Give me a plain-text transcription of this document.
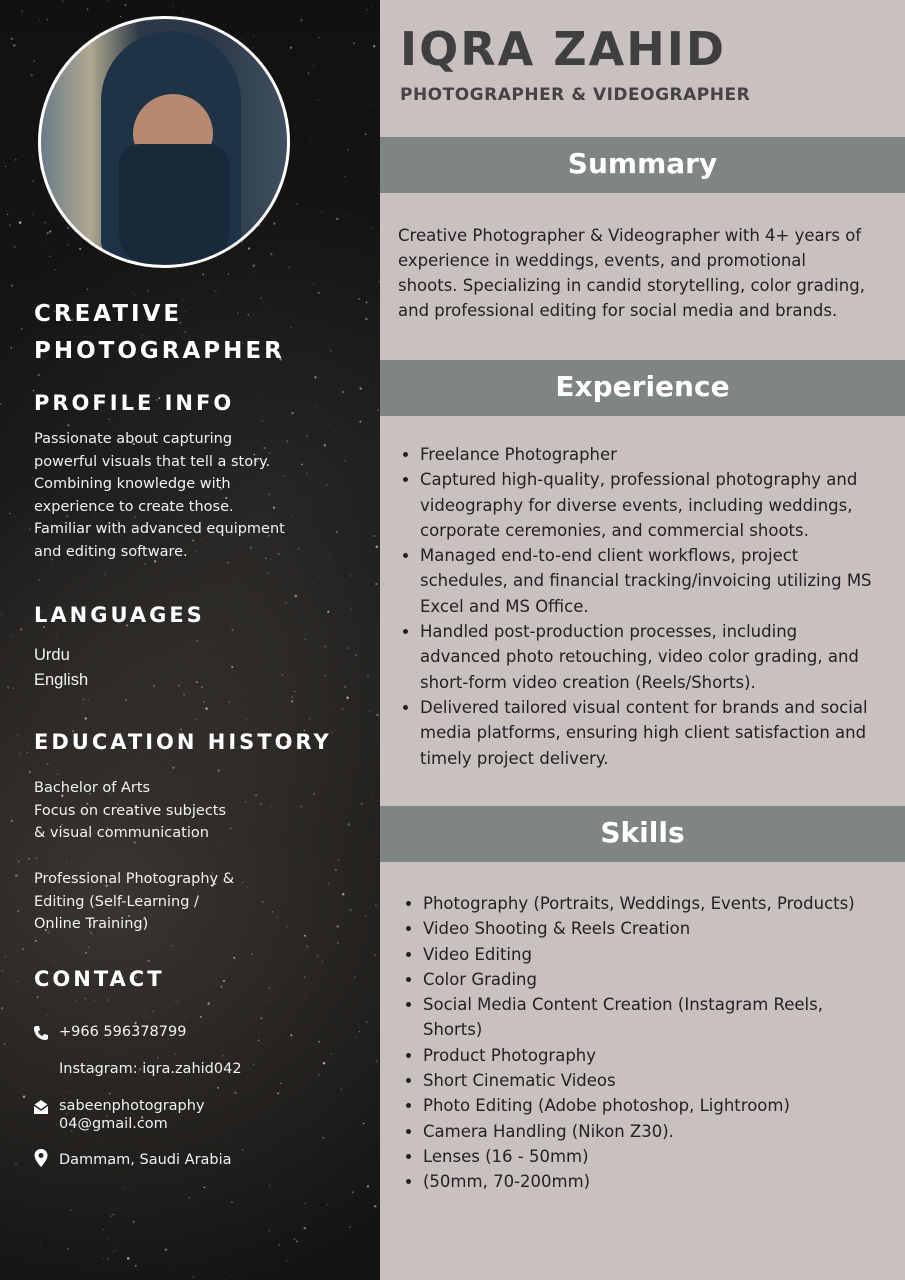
CREATIVE
PHOTOGRAPHER
PROFILE INFO
Passionate about capturing
powerful visuals that tell a story.
Combining knowledge with
experience to create those.
Familiar with advanced equipment
and editing software.
LANGUAGES
Urdu
English
EDUCATION HISTORY
Bachelor of Arts
Focus on creative subjects
& visual communication
Professional Photography &
Editing (Self-Learning /
Online Training)
CONTACT
+966 596378799
Instagram: iqra.zahid042
sabeenphotography
04@gmail.com
Dammam, Saudi Arabia
IQRA ZAHID
PHOTOGRAPHER & VIDEOGRAPHER
Summary
Creative Photographer & Videographer with 4+ years of
experience in weddings, events, and promotional
shoots. Specializing in candid storytelling, color grading,
and professional editing for social media and brands.
Experience
• Freelance Photographer
• Captured high-quality, professional photography and
videography for diverse events, including weddings,
corporate ceremonies, and commercial shoots.
• Managed end-to-end client workflows, project
schedules, and financial tracking/invoicing utilizing MS
Excel and MS Office.
• Handled post-production processes, including
advanced photo retouching, video color grading, and
short-form video creation (Reels/Shorts).
• Delivered tailored visual content for brands and social
media platforms, ensuring high client satisfaction and
timely project delivery.
Skills
• Photography (Portraits, Weddings, Events, Products)
• Video Shooting & Reels Creation
• Video Editing
• Color Grading
• Social Media Content Creation (Instagram Reels,
Shorts)
• Product Photography
• Short Cinematic Videos
• Photo Editing (Adobe photoshop, Lightroom)
• Camera Handling (Nikon Z30).
• Lenses (16 - 50mm)
• (50mm, 70-200mm)
